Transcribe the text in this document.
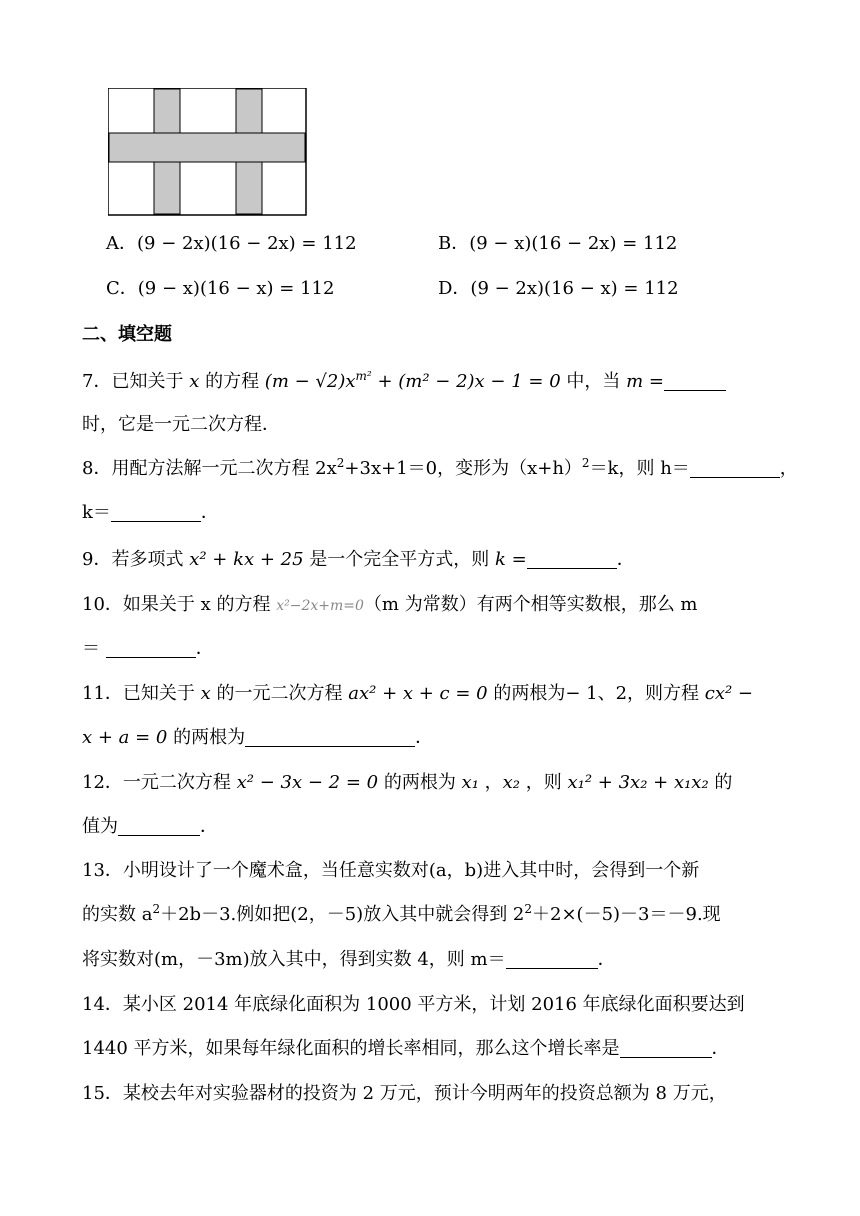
A．(9 − 2x)(16 − 2x) = 112	B．(9 − x)(16 − 2x) = 112
C．(9 − x)(16 − x) = 112	D．(9 − 2x)(16 − x) = 112
二、填空题
7．已知关于 x 的方程 $(m - √2)x^{m^2} + (m^2 - 2)x - 1 = 0$ 中，当 m =
时，它是一元二次方程．
8．用配方法解一元二次方程 $2x^2+3x+1=0$，变形为$(x+h)^2=k$，则 h＝	，
k＝	．
9．若多项式 x² + kx + 25 是一个完全平方式，则 k =	．
10．如果关于 x 的方程 x²−2x+m=0（m 为常数）有两个相等实数根，那么 m
＝	．
11．已知关于 x 的一元二次方程 ax² + x + c = 0 的两根为− 1、2，则方程 cx² −
x + a = 0 的两根为	．
12．一元二次方程 x² − 3x − 2 = 0 的两根为 x₁ ，x₂ ，则 x₁² + 3x₂ + x₁x₂ 的
值为	．
13．小明设计了一个魔术盒，当任意实数对(a，b)进入其中时，会得到一个新
的实数 $a^2+2b-3$.例如把(2，－5)放入其中就会得到 $2^2+2\times(-5)-3=-9$.现
将实数对(m，－3m)放入其中，得到实数 4，则 m＝	．
14．某小区 2014 年底绿化面积为 1000 平方米，计划 2016 年底绿化面积要达到
1440 平方米，如果每年绿化面积的增长率相同，那么这个增长率是	．
15．某校去年对实验器材的投资为 2 万元，预计今明两年的投资总额为 8 万元，
